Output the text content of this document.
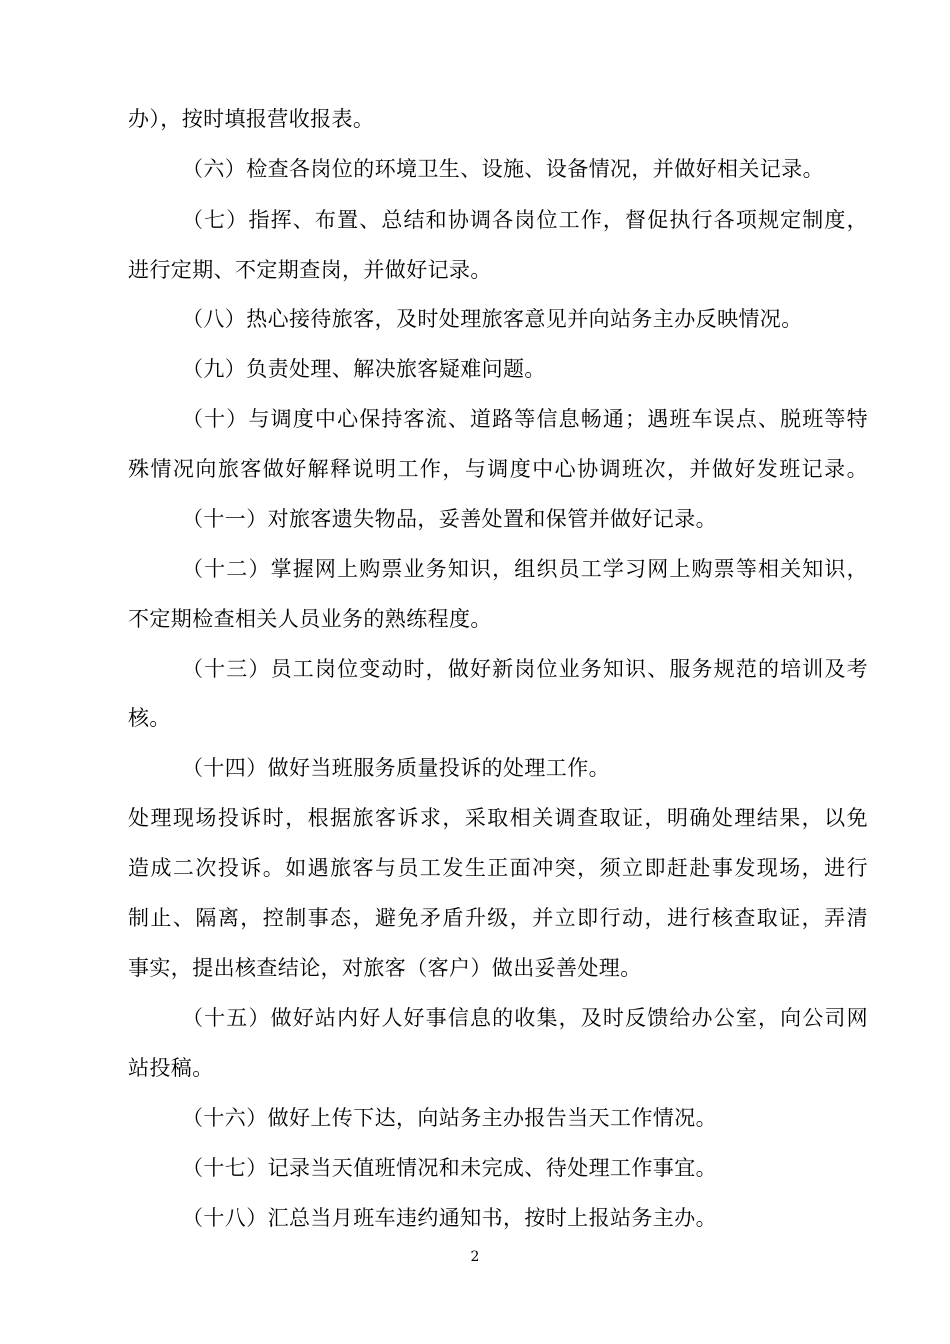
办），按时填报营收报表。
（六）检查各岗位的环境卫生、设施、设备情况，并做好相关记录。
（七）指挥、布置、总结和协调各岗位工作，督促执行各项规定制度，
进行定期、不定期查岗，并做好记录。
（八）热心接待旅客，及时处理旅客意见并向站务主办反映情况。
（九）负责处理、解决旅客疑难问题。
（十）与调度中心保持客流、道路等信息畅通；遇班车误点、脱班等特
殊情况向旅客做好解释说明工作，与调度中心协调班次，并做好发班记录。
（十一）对旅客遗失物品，妥善处置和保管并做好记录。
（十二）掌握网上购票业务知识，组织员工学习网上购票等相关知识，
不定期检查相关人员业务的熟练程度。
（十三）员工岗位变动时，做好新岗位业务知识、服务规范的培训及考
核。
（十四）做好当班服务质量投诉的处理工作。
处理现场投诉时，根据旅客诉求，采取相关调查取证，明确处理结果，以免
造成二次投诉。如遇旅客与员工发生正面冲突，须立即赶赴事发现场，进行
制止、隔离，控制事态，避免矛盾升级，并立即行动，进行核查取证，弄清
事实，提出核查结论，对旅客（客户）做出妥善处理。
（十五）做好站内好人好事信息的收集，及时反馈给办公室，向公司网
站投稿。
（十六）做好上传下达，向站务主办报告当天工作情况。
（十七）记录当天值班情况和未完成、待处理工作事宜。
（十八）汇总当月班车违约通知书，按时上报站务主办。
2
